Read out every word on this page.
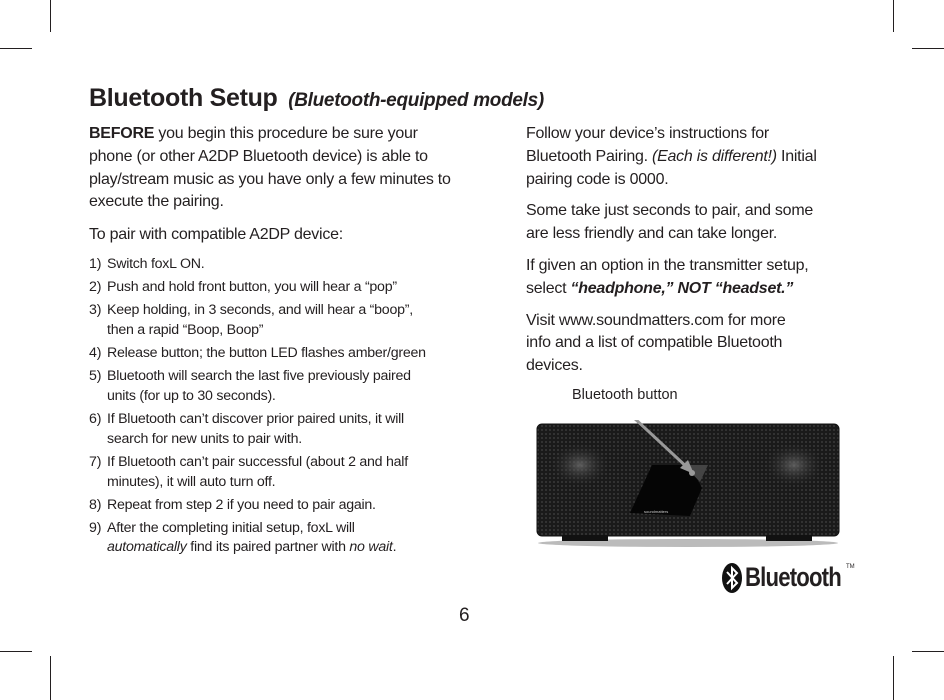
Bluetooth Setup (Bluetooth-equipped models)
BEFORE you begin this procedure be sure your
phone (or other A2DP Bluetooth device) is able to
play/stream music as you have only a few minutes to
execute the pairing.
To pair with compatible A2DP device:
1) Switch foxL ON.
2) Push and hold front button, you will hear a “pop”
3) Keep holding, in 3 seconds, and will hear a “boop”,
then a rapid “Boop, Boop”
4) Release button; the button LED flashes amber/green
5) Bluetooth will search the last five previously paired
units (for up to 30 seconds).
6) If Bluetooth can’t discover prior paired units, it will
search for new units to pair with.
7) If Bluetooth can’t pair successful (about 2 and half
minutes), it will auto turn off.
8) Repeat from step 2 if you need to pair again.
9) After the completing initial setup, foxL will
automatically find its paired partner with no wait.

Follow your device’s instructions for
Bluetooth Pairing. (Each is different!) Initial
pairing code is 0000.

Some take just seconds to pair, and some
are less friendly and can take longer.

If given an option in the transmitter setup,
select “headphone,” NOT “headset.”

Visit www.soundmatters.com for more
info and a list of compatible Bluetooth
devices.

Bluetooth button
soundmatters
Bluetooth TM
6
